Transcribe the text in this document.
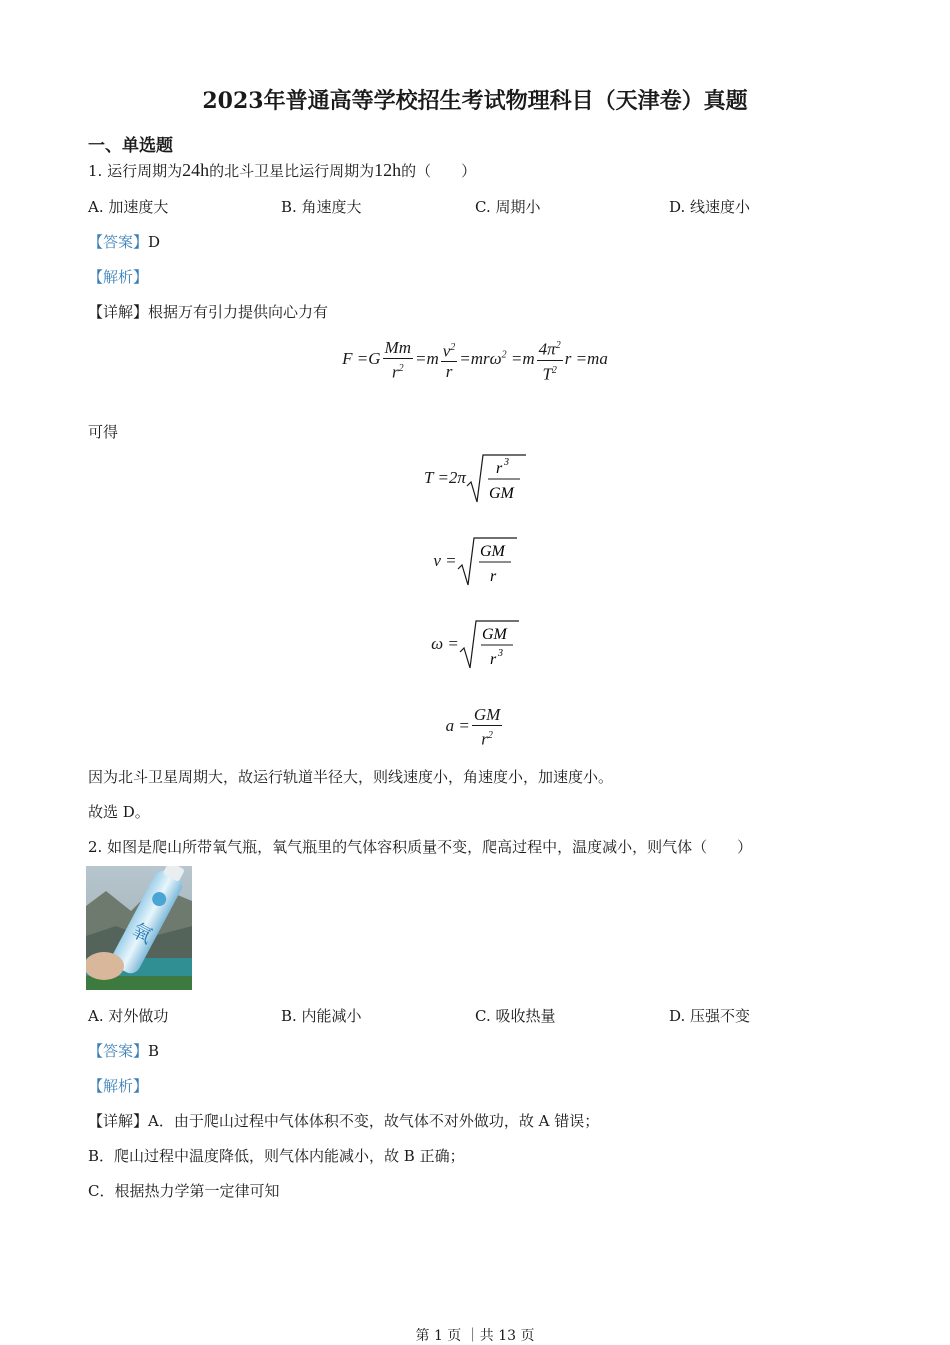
2023年普通高等学校招生考试物理科目（天津卷）真题
一、单选题
1. 运行周期为24h的北斗卫星比运行周期为12h的（　　）
A. 加速度大	B. 角速度大	C. 周期小	D. 线速度小
【答案】D
【解析】
【详解】根据万有引力提供向心力有
$F =G \frac{Mm}{r^2} =m \frac{v^2}{r} =mr\omega^2 =m \frac{4\pi^2}{T^2}$ r =ma
可得
T =2π r 3
GM
v = GM
r
ω = GM
r 3
$a = \frac{GM}{r^2}$
因为北斗卫星周期大，故运行轨道半径大，则线速度小，角速度小，加速度小。
故选 D。
2. 如图是爬山所带氧气瓶，氧气瓶里的气体容积质量不变，爬高过程中，温度减小，则气体（　　）
氧
A. 对外做功	B. 内能减小	C. 吸收热量	D. 压强不变
【答案】B
【解析】
【详解】A．由于爬山过程中气体体积不变，故气体不对外做功，故 A 错误；
B．爬山过程中温度降低，则气体内能减小，故 B 正确；
C．根据热力学第一定律可知
第 1 页 ｜共 13 页
